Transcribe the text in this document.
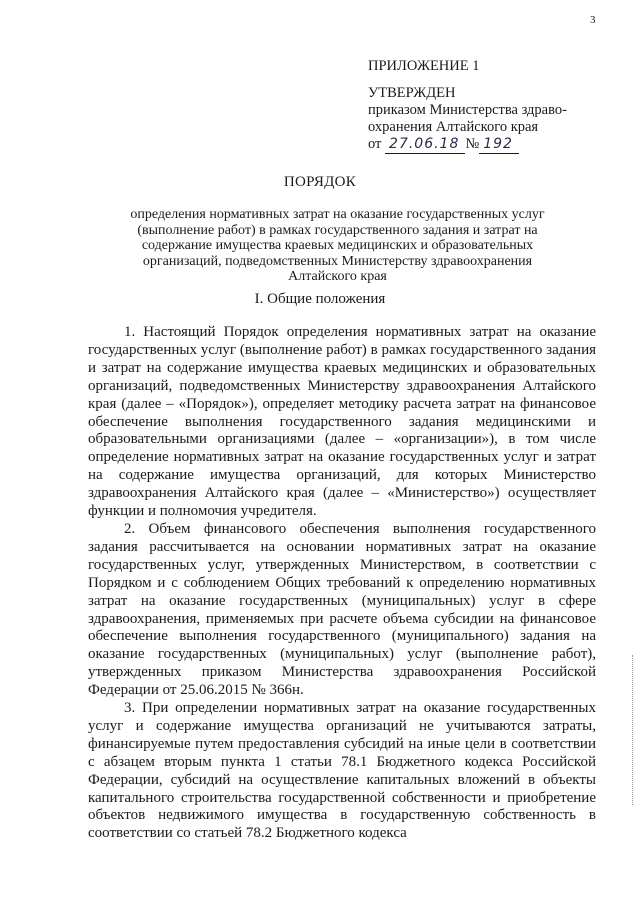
3
ПРИЛОЖЕНИЕ 1
УТВЕРЖДЕН
приказом Министерства здраво-
охранения Алтайского края
от 27.06.18 № 192
ПОРЯДОК
определения нормативных затрат на оказание государственных услуг (выполнение работ) в рамках государственного задания и затрат на содержание имущества краевых медицинских и образовательных организаций, подведомственных Министерству здравоохранения Алтайского края
I. Общие положения

1. Настоящий Порядок определения нормативных затрат на оказание государственных услуг (выполнение работ) в рамках государственного задания и затрат на содержание имущества краевых медицинских и образовательных организаций, подведомственных Министерству здравоохранения Алтайского края (далее – «Порядок»), определяет методику расчета затрат на финансовое обеспечение выполнения государственного задания медицинскими и образовательными организациями (далее – «организации»), в том числе определение нормативных затрат на оказание государственных услуг и затрат на содержание имущества организаций, для которых Министерство здравоохранения Алтайского края (далее – «Министерство») осуществляет функции и полномочия учредителя.

2. Объем финансового обеспечения выполнения государственного задания рассчитывается на основании нормативных затрат на оказание государственных услуг, утвержденных Министерством, в соответствии с Порядком и с соблюдением Общих требований к определению нормативных затрат на оказание государственных (муниципальных) услуг в сфере здравоохранения, применяемых при расчете объема субсидии на финансовое обеспечение выполнения государственного (муниципального) задания на оказание государственных (муниципальных) услуг (выполнение работ), утвержденных приказом Министерства здравоохранения Российской Федерации от 25.06.2015 № 366н.

3. При определении нормативных затрат на оказание государственных услуг и содержание имущества организаций не учитываются затраты, финансируемые путем предоставления субсидий на иные цели в соответствии с абзацем вторым пункта 1 статьи 78.1 Бюджетного кодекса Российской Федерации, субсидий на осуществление капитальных вложений в объекты капитального строительства государственной собственности и приобретение объектов недвижимого имущества в государственную собственность в соответствии со статьей 78.2 Бюджетного кодекса
